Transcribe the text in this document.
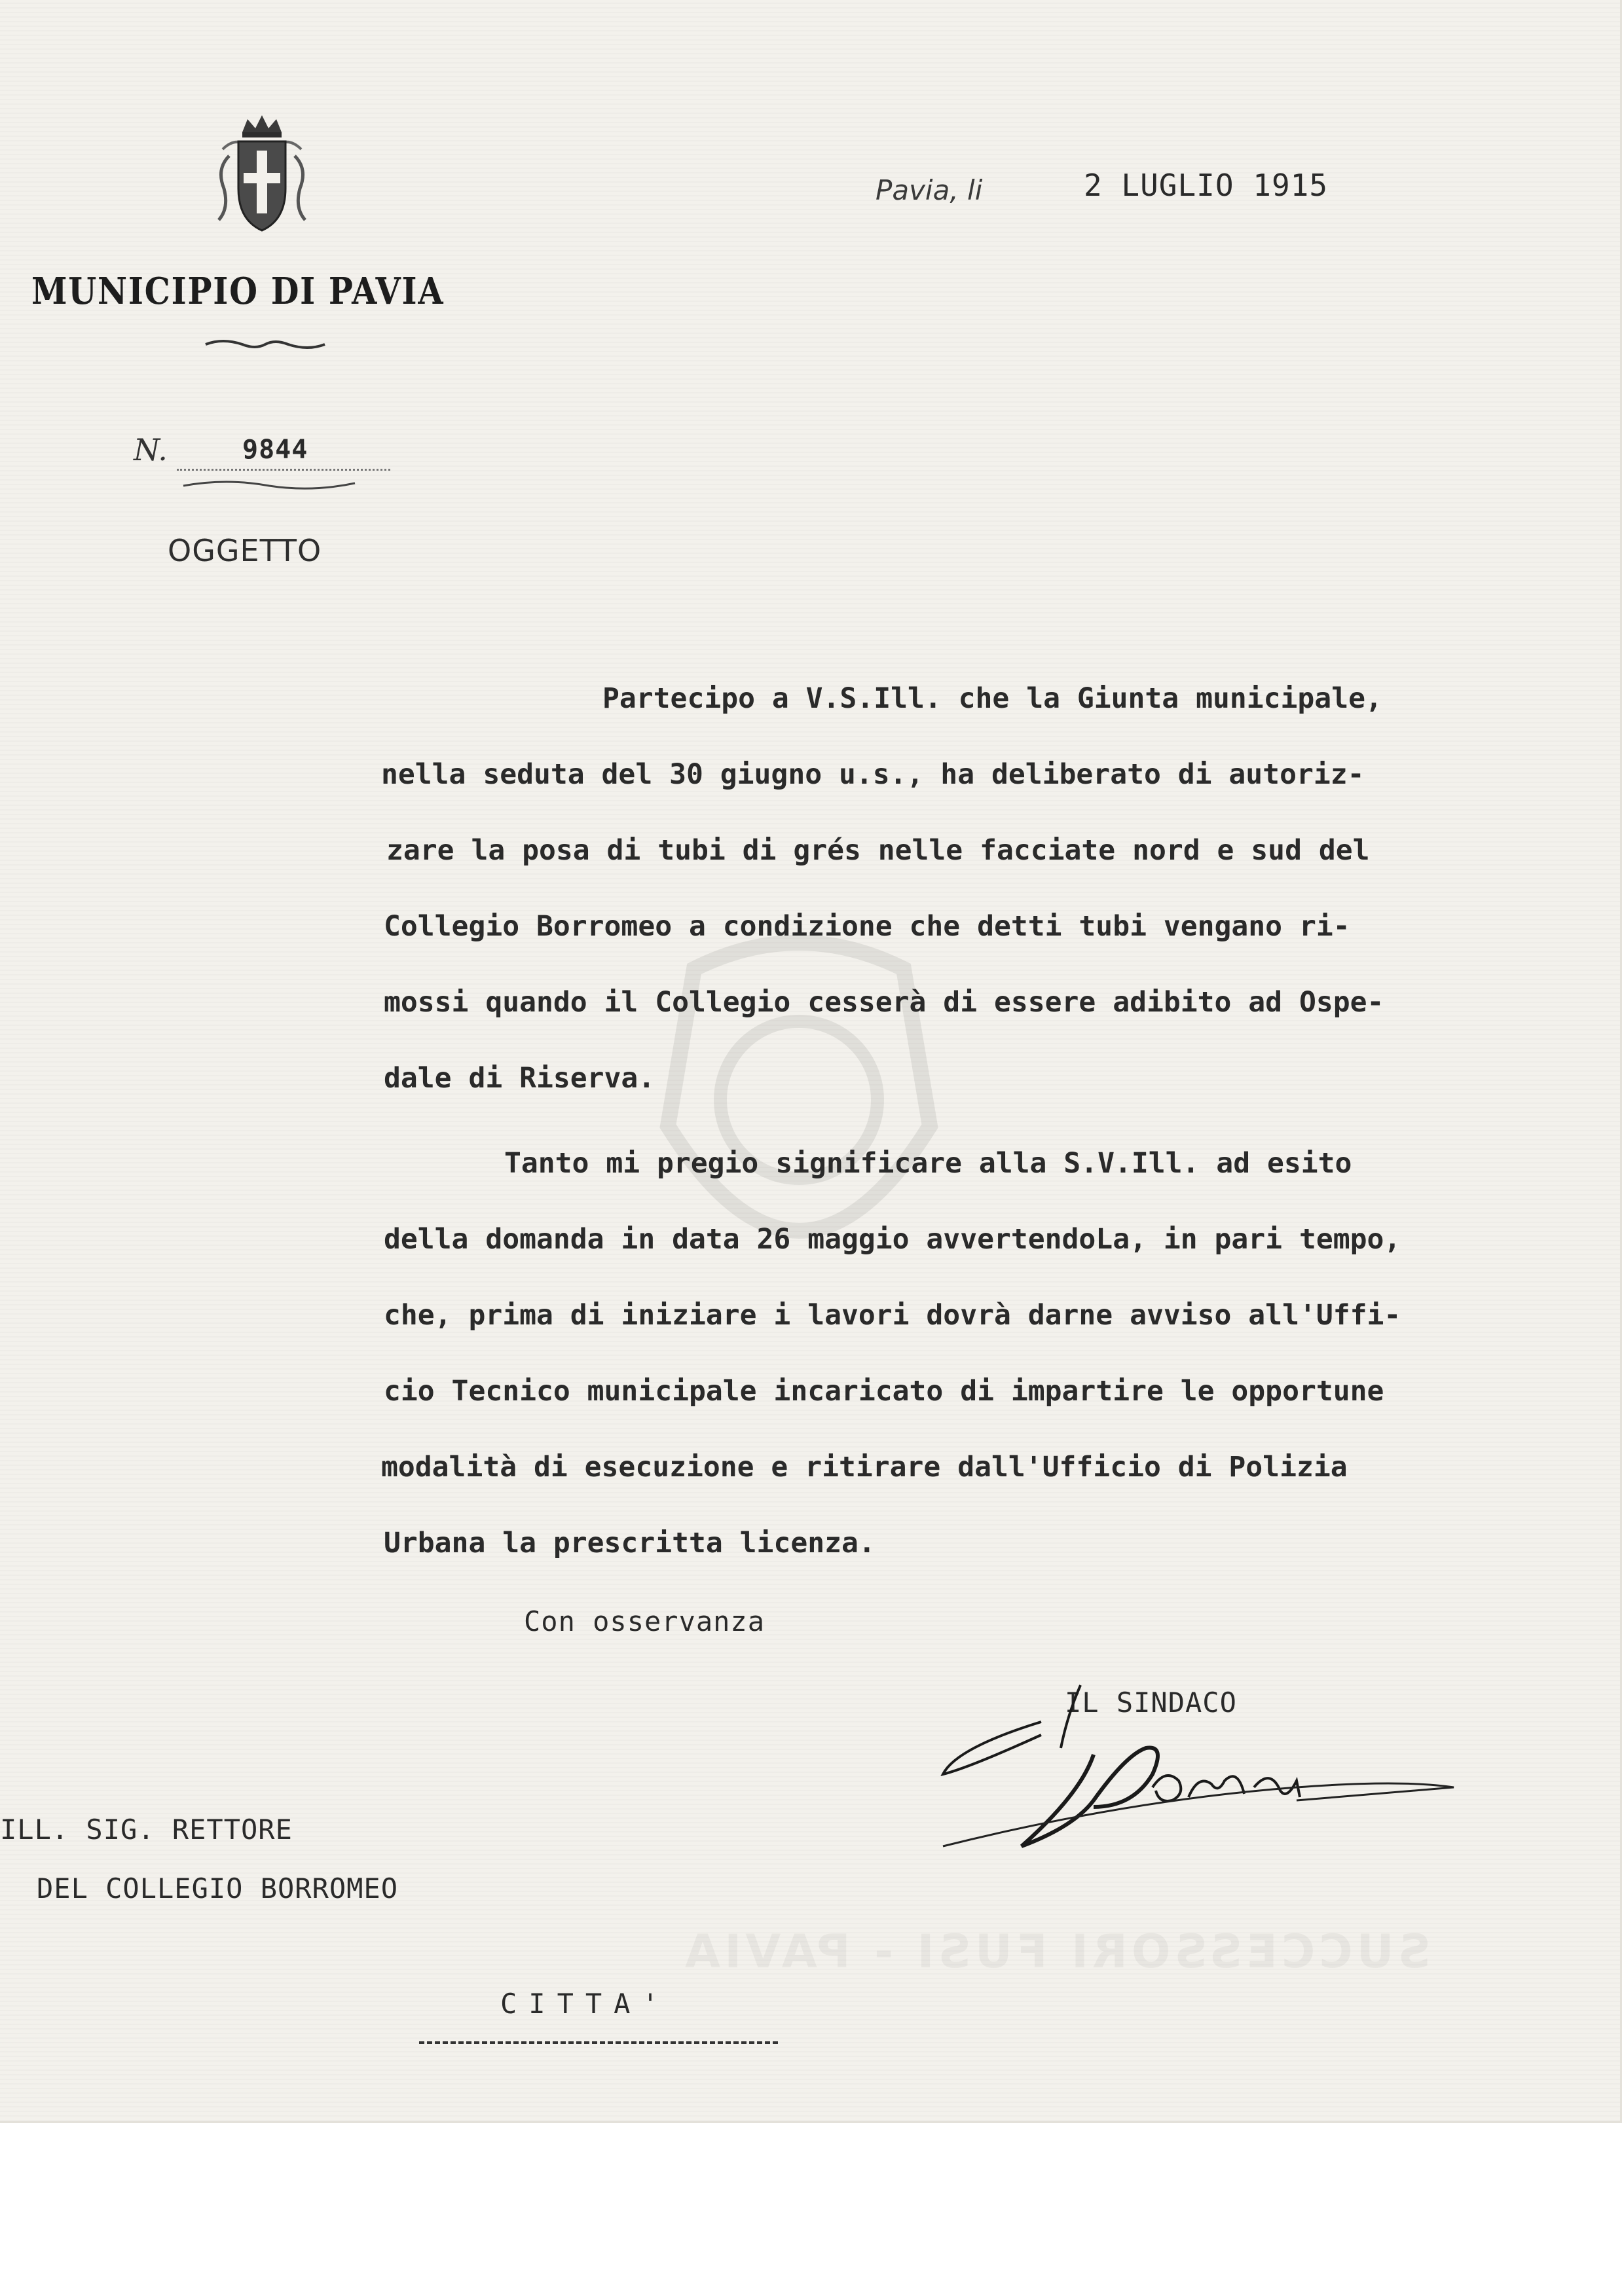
MUNICIPIO DI PAVIA
Pavia, li	2 LUGLIO 1915
N.	9844
OGGETTO
Partecipo a V.S.Ill. che la Giunta municipale,
nella seduta del 30 giugno u.s., ha deliberato di autoriz-
zare la posa di tubi di grés nelle facciate nord e sud del
Collegio Borromeo a condizione che detti tubi vengano ri-
mossi quando il Collegio cesserà di essere adibito ad Ospe-
dale di Riserva.
Tanto mi pregio significare alla S.V.Ill. ad esito
della domanda in data 26 maggio avvertendoLa, in pari tempo,
che, prima di iniziare i lavori dovrà darne avviso all'Uffi-
cio Tecnico municipale incaricato di impartire le opportune
modalità di esecuzione e ritirare dall'Ufficio di Polizia
Urbana la prescritta licenza.
Con osservanza
IL SINDACO
ILL. SIG. RETTORE
DEL COLLEGIO BORROMEO
CITTA'
